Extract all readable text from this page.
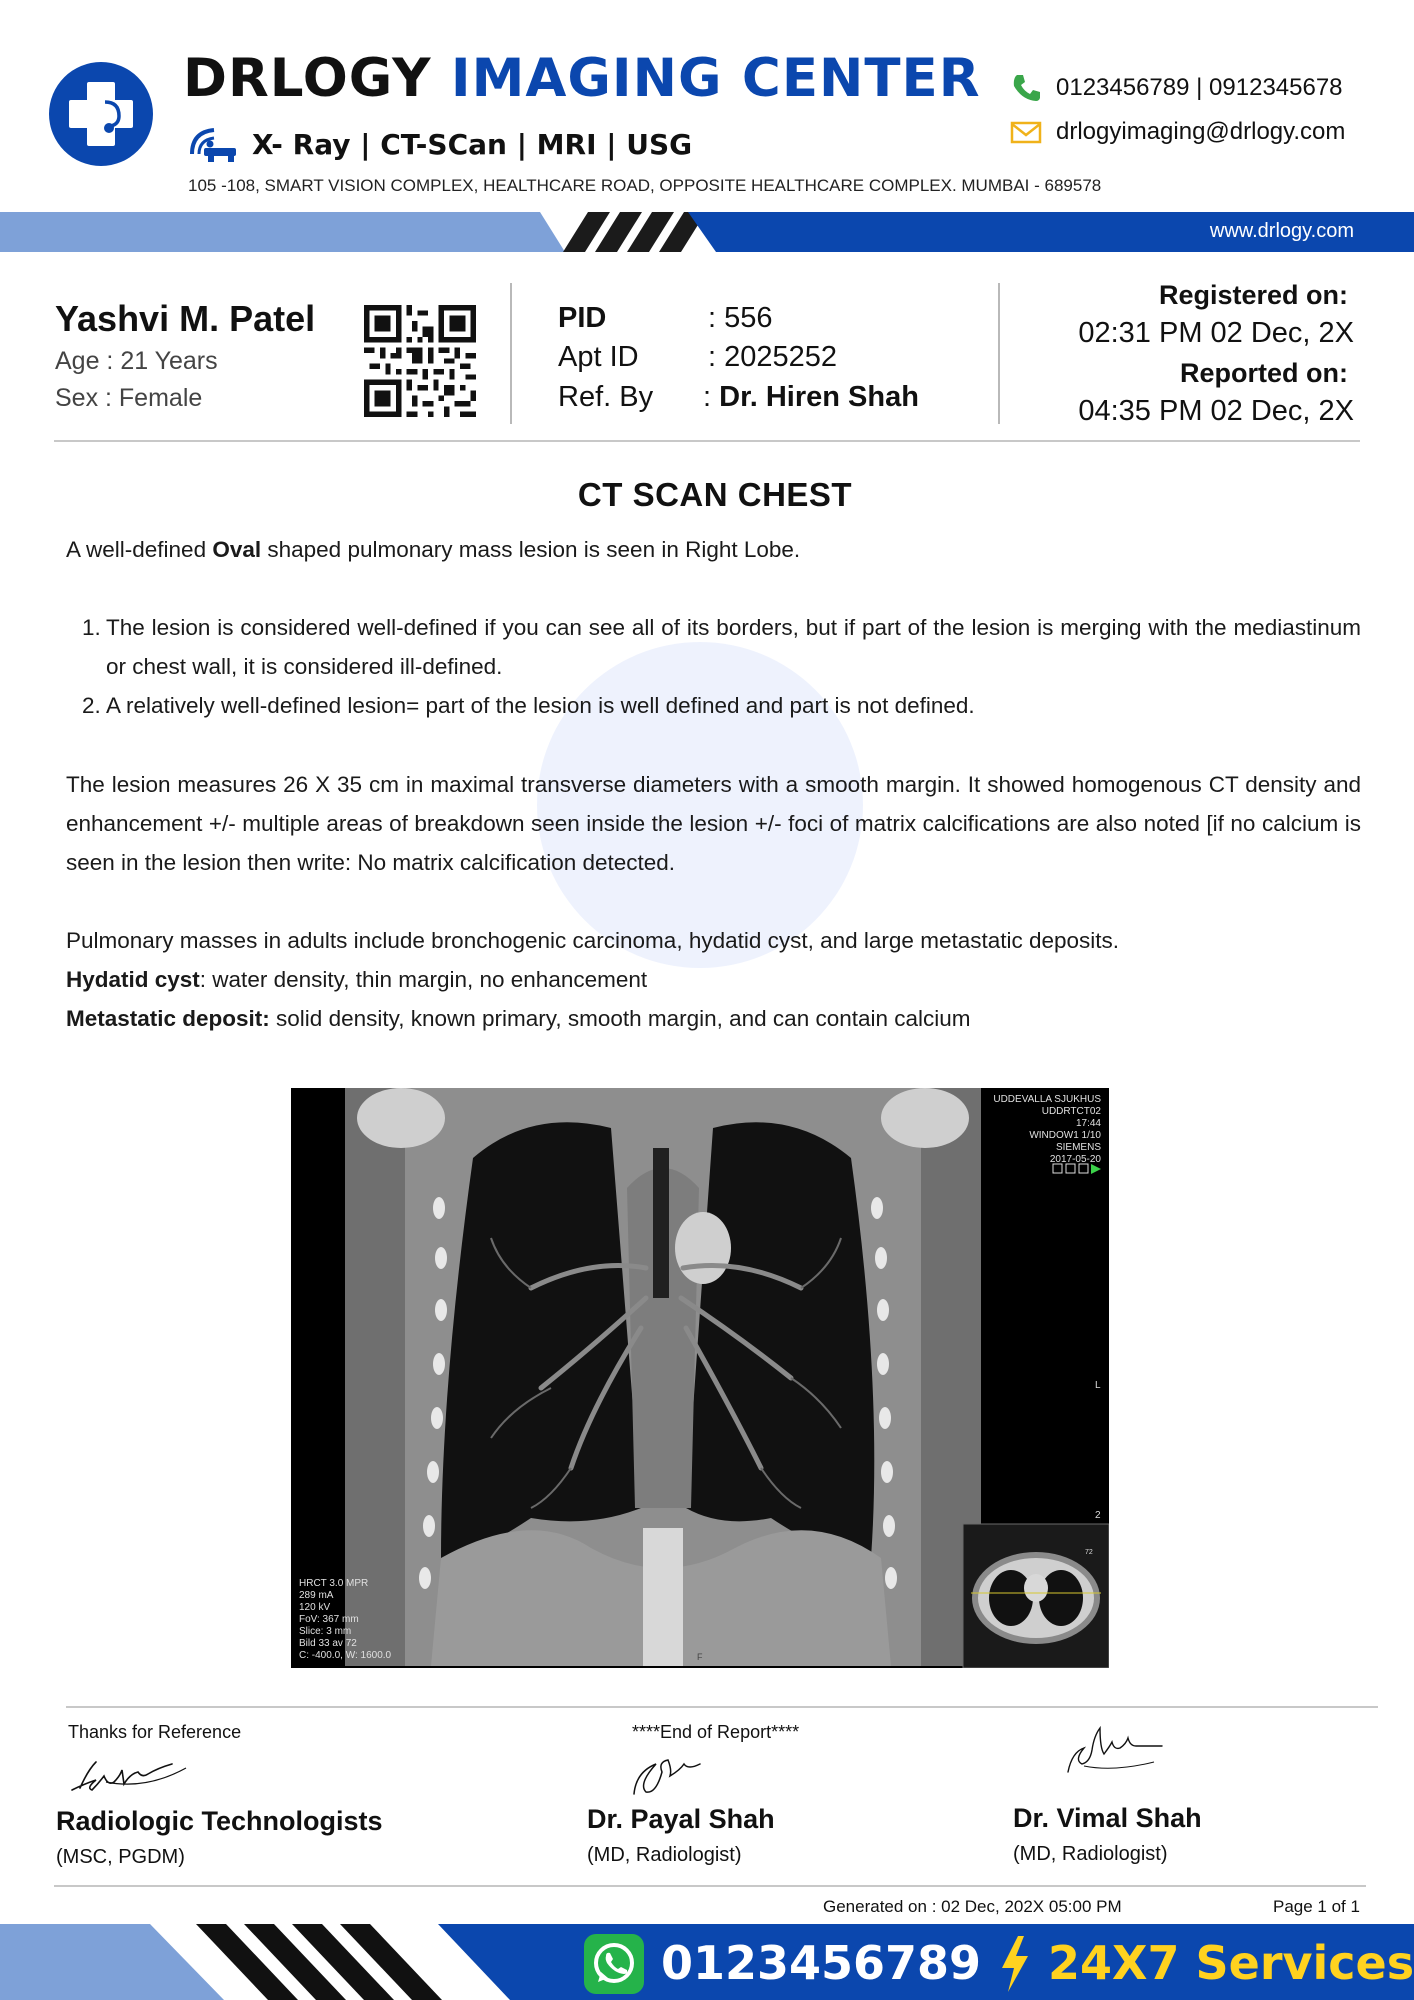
DRLOGY IMAGING CENTER
X- Ray | CT-SCan | MRI | USG
105 -108, SMART VISION COMPLEX, HEALTHCARE ROAD, OPPOSITE HEALTHCARE COMPLEX. MUMBAI - 689578
0123456789 | 0912345678
drlogyimaging@drlogy.com
www.drlogy.com
Yashvi M. Patel
Age : 21 Years
Sex : Female
PID	: 556
Apt ID : 2025252
Ref. By : Dr. Hiren Shah
Registered on:
02:31 PM 02 Dec, 2X
Reported on:
04:35 PM 02 Dec, 2X
CT SCAN CHEST
A well-defined Oval shaped pulmonary mass lesion is seen in Right Lobe.
1. The lesion is considered well-defined if you can see all of its borders, but if part of the lesion is merging with the mediastinum or chest wall, it is considered ill-defined.
2. A relatively well-defined lesion= part of the lesion is well defined and part is not defined.
The lesion measures 26 X 35 cm in maximal transverse diameters with a smooth margin. It showed homogenous CT density and enhancement +/- multiple areas of breakdown seen inside the lesion +/- foci of matrix calcifications are also noted [if no calcium is seen in the lesion then write: No matrix calcification detected.
Pulmonary masses in adults include bronchogenic carcinoma, hydatid cyst, and large metastatic deposits.
Hydatid cyst: water density, thin margin, no enhancement
Metastatic deposit: solid density, known primary, smooth margin, and can contain calcium
L
2
F
72
UDDEVALLA SJUKHUS
UDDRTCT02
17:44
WINDOW1 1/10
SIEMENS
2017-05-20
HRCT 3.0 MPR
289 mA
120 kV
FoV: 367 mm
Slice: 3 mm
Bild 33 av 72
C: -400.0, W: 1600.0
Thanks for Reference	****End of Report****
Radiologic Technologists
(MSC, PGDM)
Dr. Payal Shah
(MD, Radiologist)
Dr. Vimal Shah
(MD, Radiologist)
Generated on : 02 Dec, 202X 05:00 PM	Page 1 of 1
0123456789 24X7 Services
